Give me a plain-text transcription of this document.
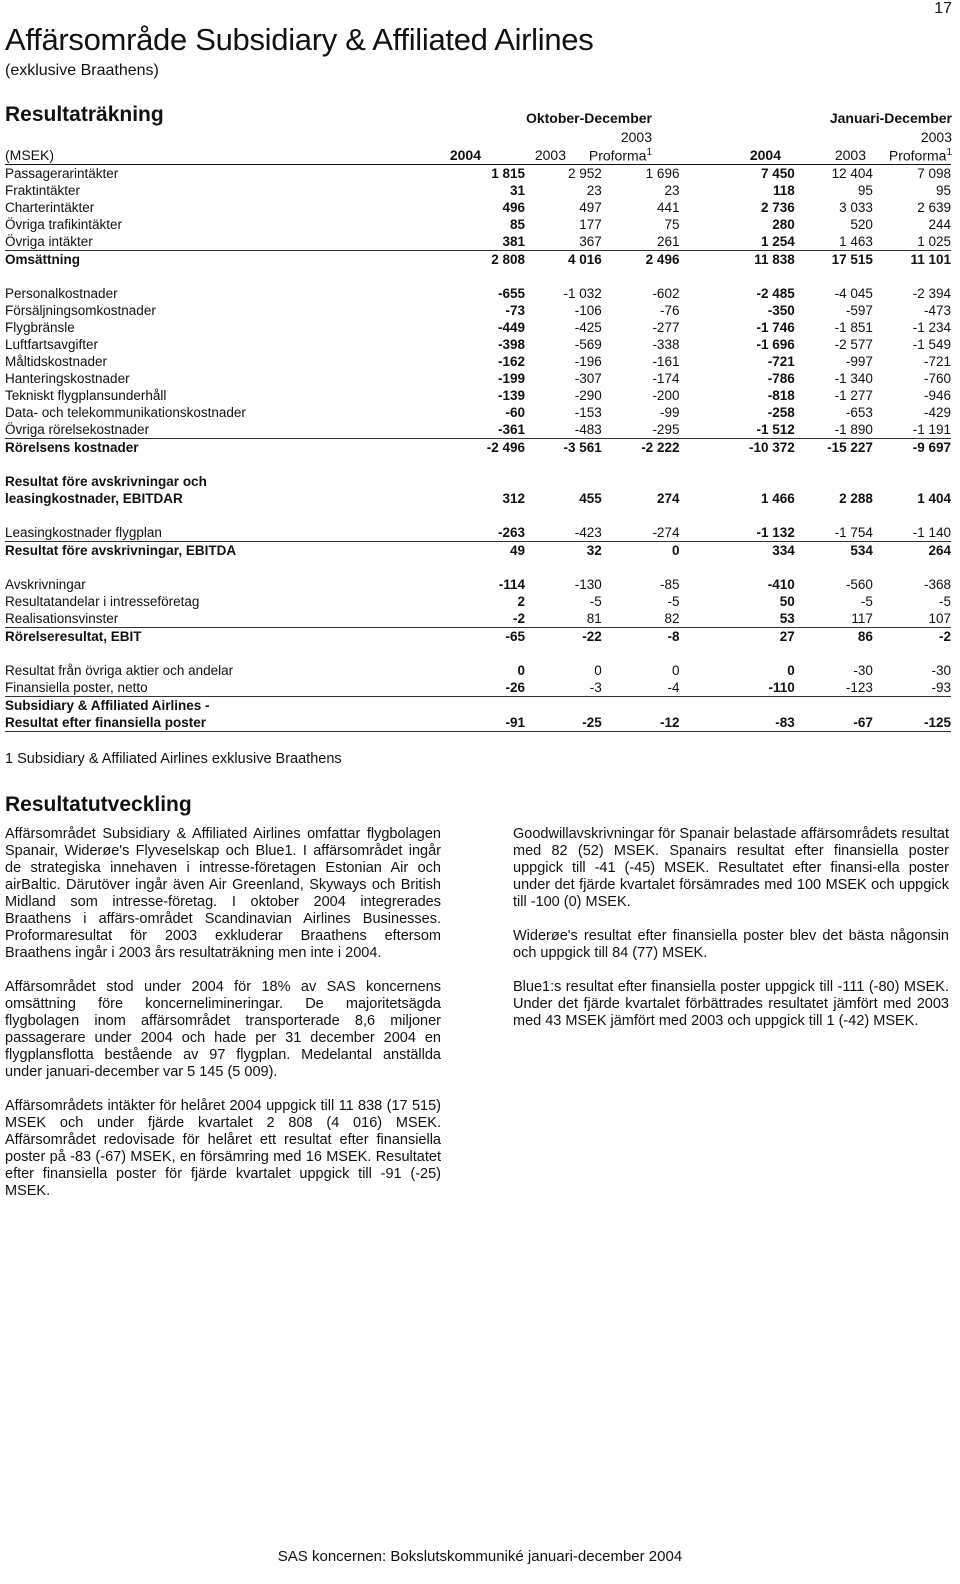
17
Affärsområde Subsidiary & Affiliated Airlines
(exklusive Braathens)
Resultaträkning	Oktober-December	Januari-December
2003	2003
(MSEK)	2004	2003 Proforma$^1$	2004	2003 Proforma$^1$
Passagerarintäkter	1 815	2 952	1 696	7 450	12 404	7 098
Fraktintäkter	31	23	23	118	95	95
Charterintäkter	496	497	441	2 736	3 033	2 639
Övriga trafikintäkter	85	177	75	280	520	244
Övriga intäkter	381	367	261	1 254	1 463	1 025
Omsättning	2 808	4 016	2 496	11 838	17 515	11 101

Personalkostnader	-655	-1 032	-602	-2 485	-4 045	-2 394
Försäljningsomkostnader	-73	-106	-76	-350	-597	-473
Flygbränsle	-449	-425	-277	-1 746	-1 851	-1 234
Luftfartsavgifter	-398	-569	-338	-1 696	-2 577	-1 549
Måltidskostnader	-162	-196	-161	-721	-997	-721
Hanteringskostnader	-199	-307	-174	-786	-1 340	-760
Tekniskt flygplansunderhåll	-139	-290	-200	-818	-1 277	-946
Data- och telekommunikationskostnader	-60	-153	-99	-258	-653	-429
Övriga rörelsekostnader	-361	-483	-295	-1 512	-1 890	-1 191
Rörelsens kostnader	-2 496	-3 561	-2 222	-10 372	-15 227	-9 697

Resultat före avskrivningar och
leasingkostnader, EBITDAR	312	455	274	1 466	2 288	1 404

Leasingkostnader flygplan	-263	-423	-274	-1 132	-1 754	-1 140
Resultat före avskrivningar, EBITDA	49	32	0	334	534	264

Avskrivningar	-114	-130	-85	-410	-560	-368
Resultatandelar i intresseföretag	2	-5	-5	50	-5	-5
Realisationsvinster	-2	81	82	53	117	107
Rörelseresultat, EBIT	-65	-22	-8	27	86	-2

Resultat från övriga aktier och andelar	0	0	0	0	-30	-30
Finansiella poster, netto	-26	-3	-4	-110	-123	-93

Subsidiary & Affiliated Airlines -
Resultat efter finansiella poster	-91	-25	-12	-83	-67	-125
1 Subsidiary & Affiliated Airlines exklusive Braathens
Resultatutveckling

Affärsområdet Subsidiary & Affiliated Airlines omfattar flygbolagen Spanair, Widerøe's Flyveselskap och Blue1. I affärsområdet ingår de strategiska innehaven i intresse-företagen Estonian Air och airBaltic. Därutöver ingår även Air Greenland, Skyways och British Midland som intresse-företag. I oktober 2004 integrerades Braathens i affärs-området Scandinavian Airlines Businesses. Proformaresultat för 2003 exkluderar Braathens eftersom Braathens ingår i 2003 års resultaträkning men inte i 2004.

Affärsområdet stod under 2004 för 18% av SAS koncernens omsättning före koncernelimineringar. De majoritetsägda flygbolagen inom affärsområdet transporterade 8,6 miljoner passagerare under 2004 och hade per 31 december 2004 en flygplansflotta bestående av 97 flygplan. Medelantal anställda under januari-december var 5 145 (5 009).

Affärsområdets intäkter för helåret 2004 uppgick till 11 838 (17 515) MSEK och under fjärde kvartalet 2 808 (4 016) MSEK. Affärsområdet redovisade för helåret ett resultat efter finansiella poster på -83 (-67) MSEK, en försämring med 16 MSEK. Resultatet efter finansiella poster för fjärde kvartalet uppgick till -91 (-25) MSEK.

Goodwillavskrivningar för Spanair belastade affärsområdets resultat med 82 (52) MSEK. Spanairs resultat efter finansiella poster uppgick till -41 (-45) MSEK. Resultatet efter finansi-ella poster under det fjärde kvartalet försämrades med 100 MSEK och uppgick till -100 (0) MSEK.

Widerøe's resultat efter finansiella poster blev det bästa någonsin och uppgick till 84 (77) MSEK.

Blue1:s resultat efter finansiella poster uppgick till -111 (-80) MSEK. Under det fjärde kvartalet förbättrades resultatet jämfört med 2003 med 43 MSEK jämfört med 2003 och uppgick till 1 (-42) MSEK.

SAS koncernen: Bokslutskommuniké januari-december 2004
